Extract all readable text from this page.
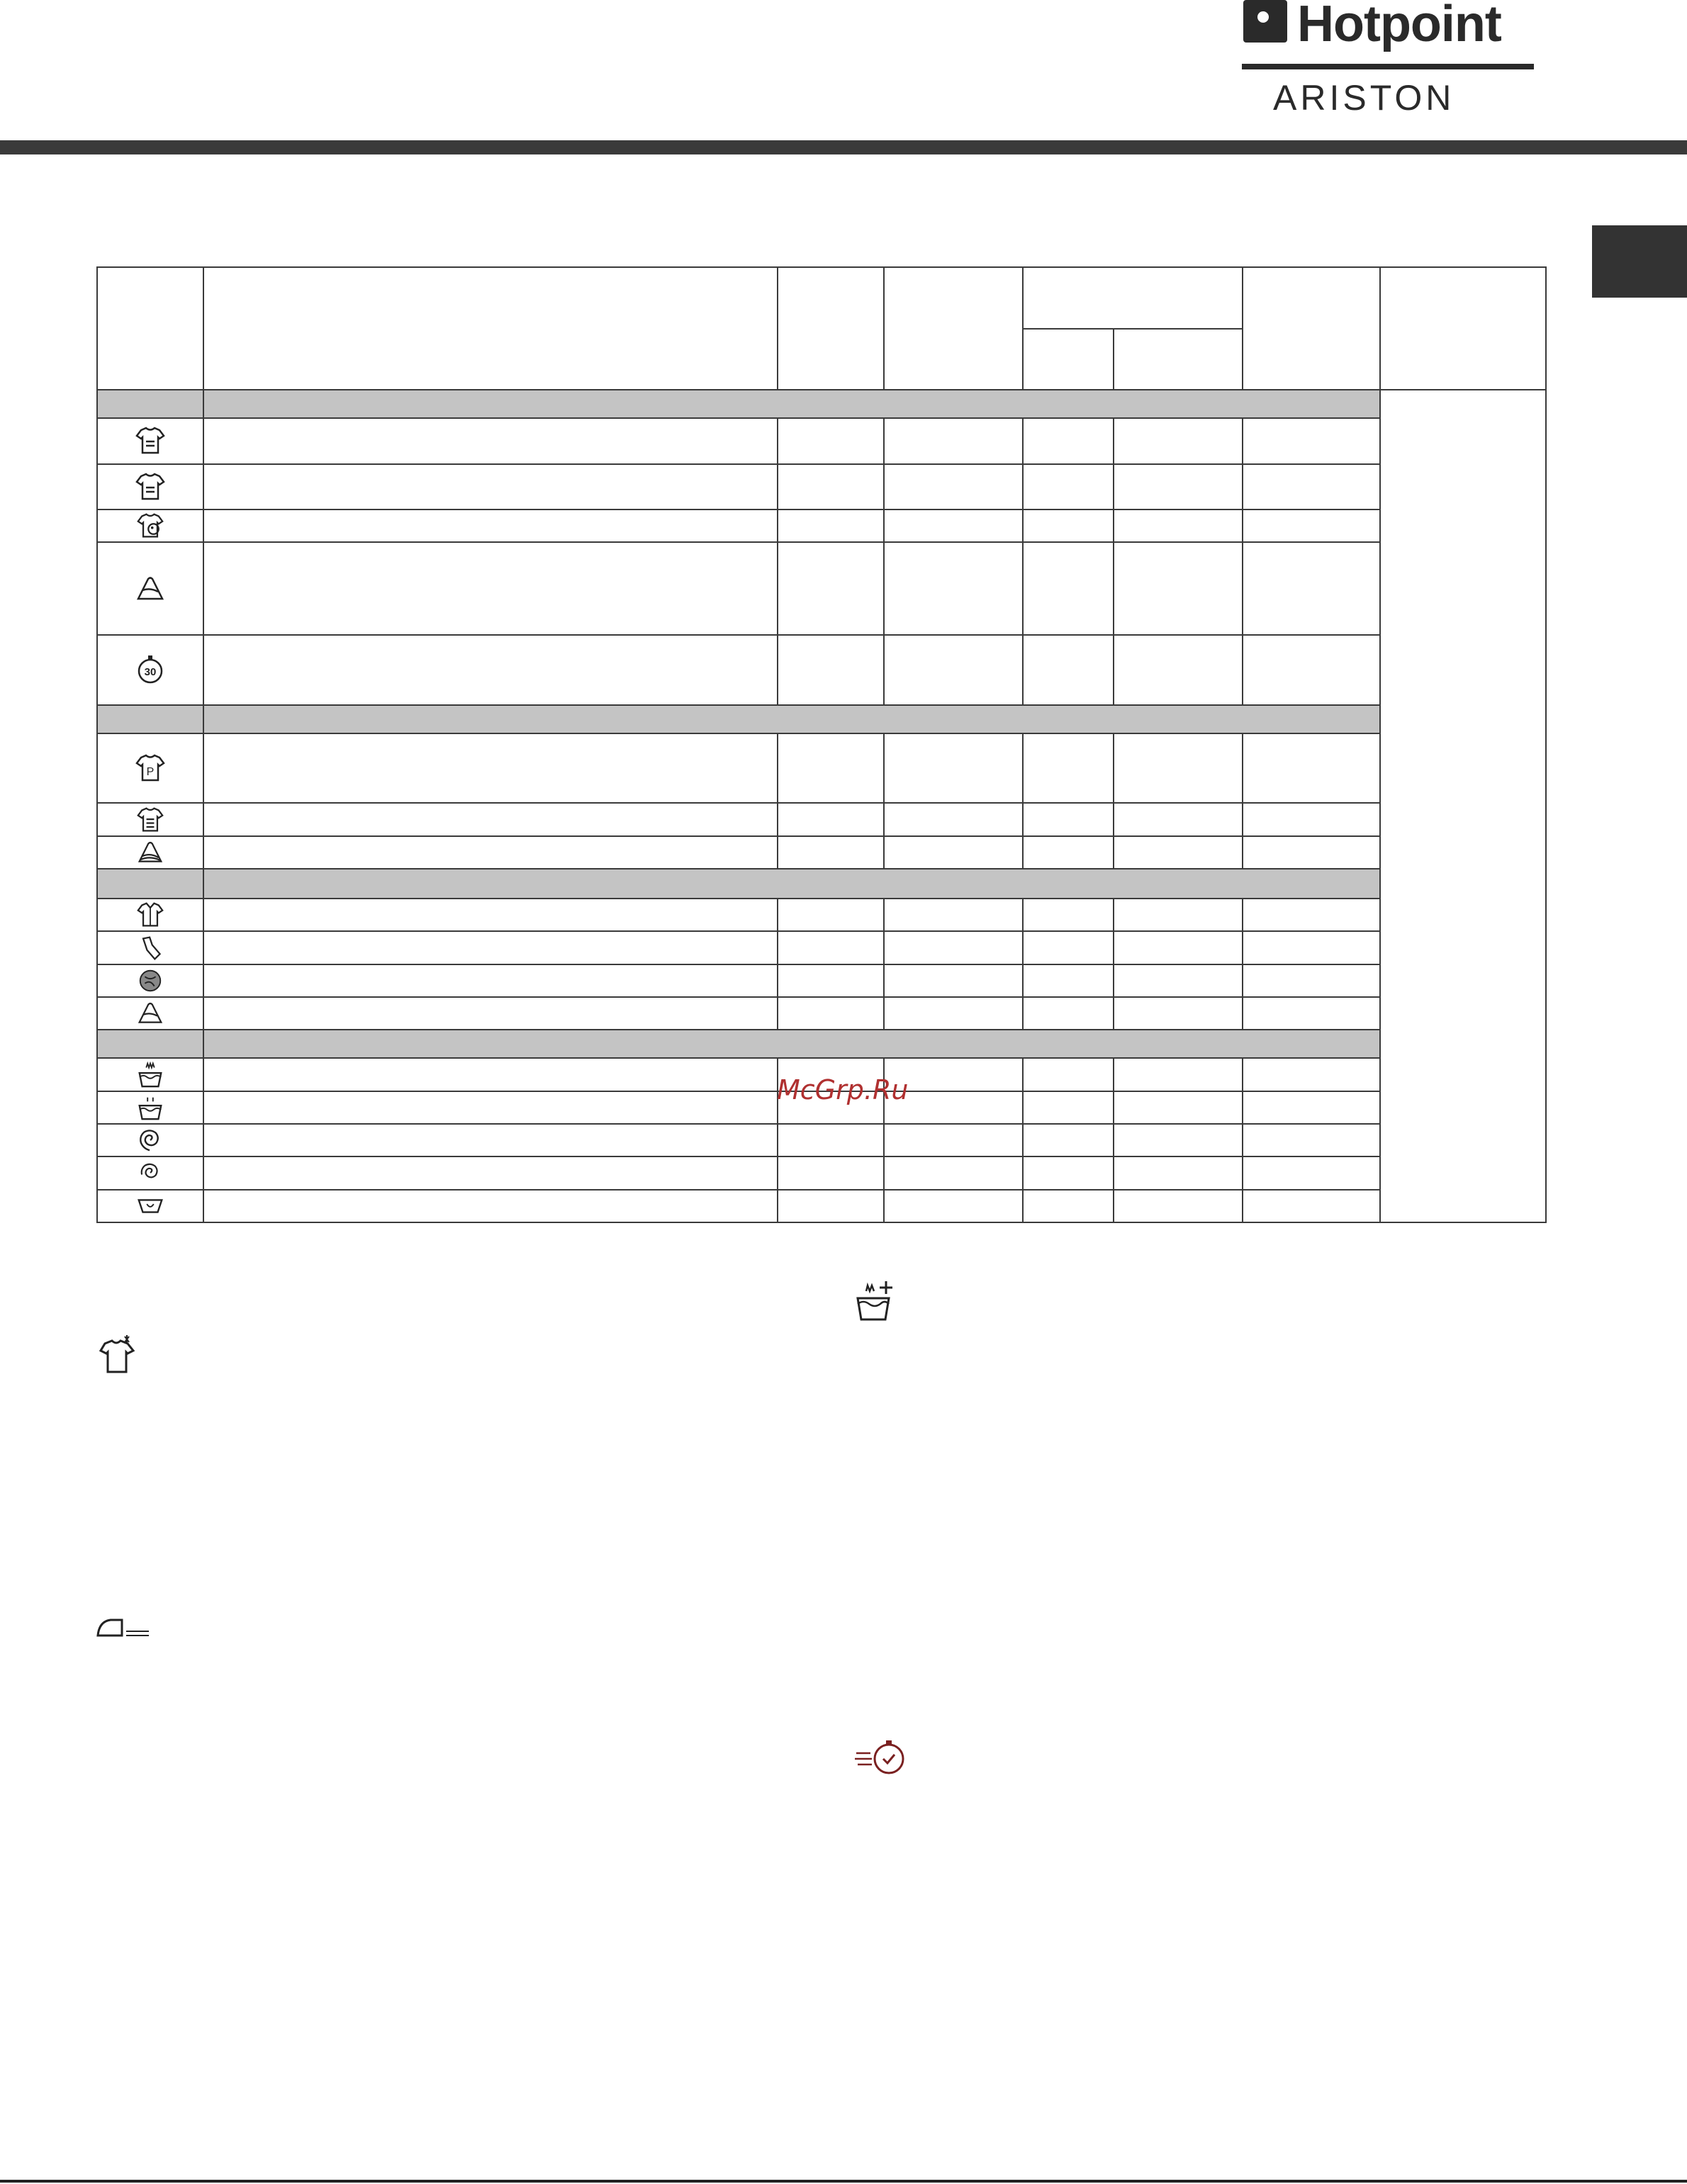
Hotpoint
ARISTON

30							

P							

McGrp.Ru
